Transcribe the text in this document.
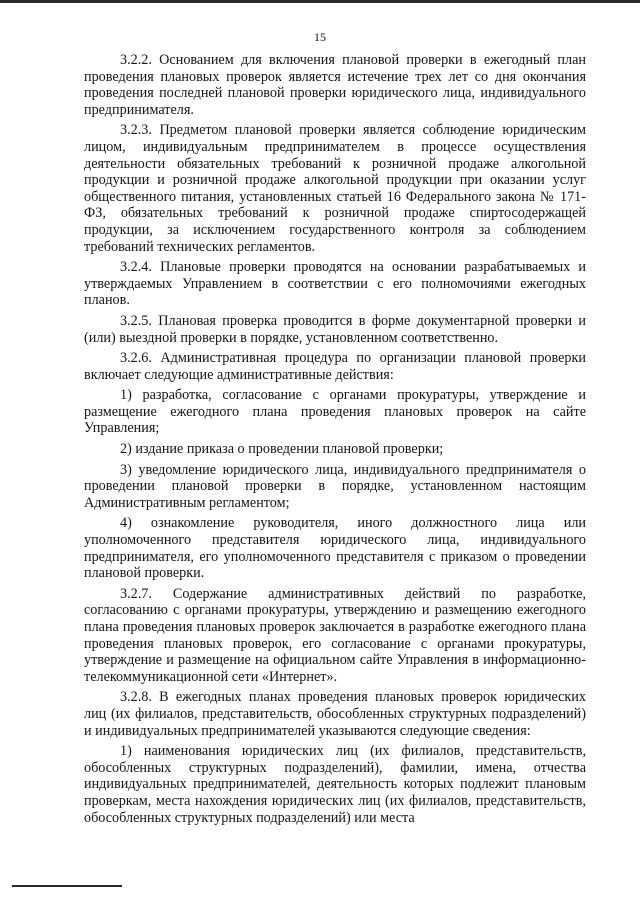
15

3.2.2. Основанием для включения плановой проверки в ежегодный план проведения плановых проверок является истечение трех лет со дня окончания проведения последней плановой проверки юридического лица, индивидуального предпринимателя.

3.2.3. Предметом плановой проверки является соблюдение юридическим лицом, индивидуальным предпринимателем в процессе осуществления деятельности обязательных требований к розничной продаже алкогольной продукции и розничной продаже алкогольной продукции при оказании услуг общественного питания, установленных статьей 16 Федерального закона № 171-ФЗ, обязательных требований к розничной продаже спиртосодержащей продукции, за исключением государственного контроля за соблюдением требований технических регламентов.

3.2.4. Плановые проверки проводятся на основании разрабатываемых и утверждаемых Управлением в соответствии с его полномочиями ежегодных планов.

3.2.5. Плановая проверка проводится в форме документарной проверки и (или) выездной проверки в порядке, установленном соответственно.

3.2.6. Административная процедура по организации плановой проверки включает следующие административные действия:

1) разработка, согласование с органами прокуратуры, утверждение и размещение ежегодного плана проведения плановых проверок на сайте Управления;

2) издание приказа о проведении плановой проверки;

3) уведомление юридического лица, индивидуального предпринимателя о проведении плановой проверки в порядке, установленном настоящим Административным регламентом;

4) ознакомление руководителя, иного должностного лица или уполномоченного представителя юридического лица, индивидуального предпринимателя, его уполномоченного представителя с приказом о проведении плановой проверки.

3.2.7. Содержание административных действий по разработке, согласованию с органами прокуратуры, утверждению и размещению ежегодного плана проведения плановых проверок заключается в разработке ежегодного плана проведения плановых проверок, его согласование с органами прокуратуры, утверждение и размещение на официальном сайте Управления в информационно-телекоммуникационной сети «Интернет».

3.2.8. В ежегодных планах проведения плановых проверок юридических лиц (их филиалов, представительств, обособленных структурных подразделений) и индивидуальных предпринимателей указываются следующие сведения:

1) наименования юридических лиц (их филиалов, представительств, обособленных структурных подразделений), фамилии, имена, отчества индивидуальных предпринимателей, деятельность которых подлежит плановым проверкам, места нахождения юридических лиц (их филиалов, представительств, обособленных структурных подразделений) или места
